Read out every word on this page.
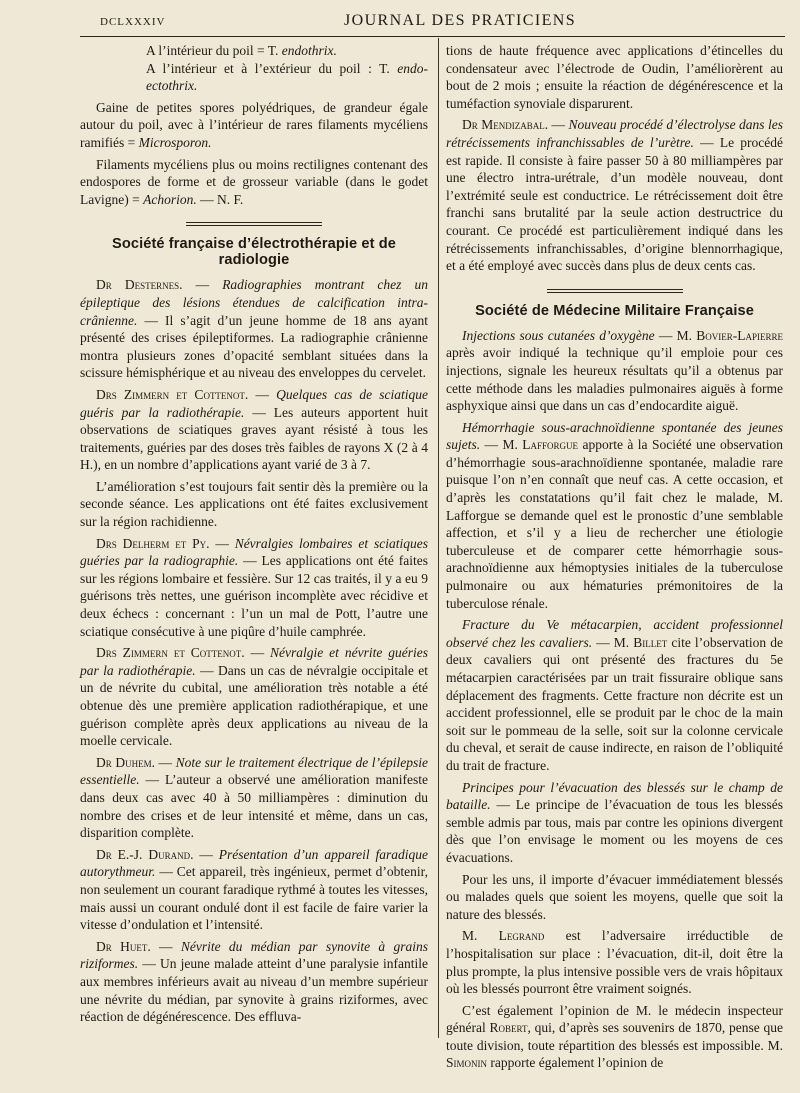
DCLXXXIV	JOURNAL DES PRATICIENS

A l’intérieur du poil = T. endothrix.

A l’intérieur et à l’extérieur du poil : T. endo-ectothrix.

Gaine de petites spores polyédriques, de grandeur égale autour du poil, avec à l’intérieur de rares filaments mycéliens ramifiés = Microsporon.

Filaments mycéliens plus ou moins rectilignes contenant des endospores de forme et de grosseur variable (dans le godet Lavigne) = Achorion. — N. F.

Société française d’électrothérapie et de radiologie

Dr Desternes. — Radiographies montrant chez un épileptique des lésions étendues de calcification intra-crânienne. — Il s’agit d’un jeune homme de 18 ans ayant présenté des crises épileptiformes. La radiographie crânienne montra plusieurs zones d’opacité semblant situées dans la scissure hémisphérique et au niveau des enveloppes du cervelet.

Drs Zimmern et Cottenot. — Quelques cas de sciatique guéris par la radiothérapie. — Les auteurs apportent huit observations de sciatiques graves ayant résisté à tous les traitements, guéries par des doses très faibles de rayons X (2 à 4 H.), en un nombre d’applications ayant varié de 3 à 7.

L’amélioration s’est toujours fait sentir dès la première ou la seconde séance. Les applications ont été faites exclusivement sur la région rachidienne.

Drs Delherm et Py. — Névralgies lombaires et sciatiques guéries par la radiographie. — Les applications ont été faites sur les régions lombaire et fessière. Sur 12 cas traités, il y a eu 9 guérisons très nettes, une guérison incomplète avec récidive et deux échecs : concernant : l’un un mal de Pott, l’autre une sciatique consécutive à une piqûre d’huile camphrée.

Drs Zimmern et Cottenot. — Névralgie et névrite guéries par la radiothérapie. — Dans un cas de névralgie occipitale et un de névrite du cubital, une amélioration très notable a été obtenue dès une première application radiothérapique, et une guérison complète après deux applications au niveau de la moelle cervicale.

Dr Duhem. — Note sur le traitement électrique de l’épilepsie essentielle. — L’auteur a observé une amélioration manifeste dans deux cas avec 40 à 50 milliampères : diminution du nombre des crises et de leur intensité et même, dans un cas, disparition complète.

Dr E.-J. Durand. — Présentation d’un appareil faradique autorythmeur. — Cet appareil, très ingénieux, permet d’obtenir, non seulement un courant faradique rythmé à toutes les vitesses, mais aussi un courant ondulé dont il est facile de faire varier la vitesse d’ondulation et l’intensité.

Dr Huet. — Névrite du médian par synovite à grains riziformes. — Un jeune malade atteint d’une paralysie infantile aux membres inférieurs avait au niveau d’un membre supérieur une névrite du médian, par synovite à grains riziformes, avec réaction de dégénérescence. Des effluva-

tions de haute fréquence avec applications d’étincelles du condensateur avec l’électrode de Oudin, l’améliorèrent au bout de 2 mois ; ensuite la réaction de dégénérescence et la tuméfaction synoviale disparurent.

Dr Mendizabal. — Nouveau procédé d’électrolyse dans les rétrécissements infranchissables de l’urètre. — Le procédé est rapide. Il consiste à faire passer 50 à 80 milliampères par une électro intra-urétrale, d’un modèle nouveau, dont l’extrémité seule est conductrice. Le rétrécissement doit être franchi sans brutalité par la seule action destructrice du courant. Ce procédé est particulièrement indiqué dans les rétrécissements infranchissables, d’origine blennorrhagique, et a été employé avec succès dans plus de deux cents cas.

Société de Médecine Militaire Française

Injections sous cutanées d’oxygène — M. Bovier-Lapierre après avoir indiqué la technique qu’il emploie pour ces injections, signale les heureux résultats qu’il a obtenus par cette méthode dans les maladies pulmonaires aiguës à forme asphyxique ainsi que dans un cas d’endocardite aiguë.

Hémorrhagie sous-arachnoïdienne spontanée des jeunes sujets. — M. Lafforgue apporte à la Société une observation d’hémorrhagie sous-arachnoïdienne spontanée, maladie rare puisque l’on n’en connaît que neuf cas. A cette occasion, et d’après les constatations qu’il fait chez le malade, M. Lafforgue se demande quel est le pronostic d’une semblable affection, et s’il y a lieu de rechercher une étiologie tuberculeuse et de comparer cette hémorrhagie sous-arachnoïdienne aux hémoptysies initiales de la tuberculose pulmonaire ou aux hématuries prémonitoires de la tuberculose rénale.

Fracture du Ve métacarpien, accident professionnel observé chez les cavaliers. — M. Billet cite l’observation de deux cavaliers qui ont présenté des fractures du 5e métacarpien caractérisées par un trait fissuraire oblique sans déplacement des fragments. Cette fracture non décrite est un accident professionnel, elle se produit par le choc de la main soit sur le pommeau de la selle, soit sur la colonne cervicale du cheval, et serait de cause indirecte, en raison de l’obliquité du trait de fracture.

Principes pour l’évacuation des blessés sur le champ de bataille. — Le principe de l’évacuation de tous les blessés semble admis par tous, mais par contre les opinions divergent dès que l’on envisage le moment ou les moyens de ces évacuations.

Pour les uns, il importe d’évacuer immédiatement blessés ou malades quels que soient les moyens, quelle que soit la nature des blessés.

M. Legrand est l’adversaire irréductible de l’hospitalisation sur place : l’évacuation, dit-il, doit être la plus prompte, la plus intensive possible vers de vrais hôpitaux où les blessés pourront être vraiment soignés.

C’est également l’opinion de M. le médecin inspecteur général Robert, qui, d’après ses souvenirs de 1870, pense que toute division, toute répartition des blessés est impossible. M. Simonin rapporte également l’opinion de
